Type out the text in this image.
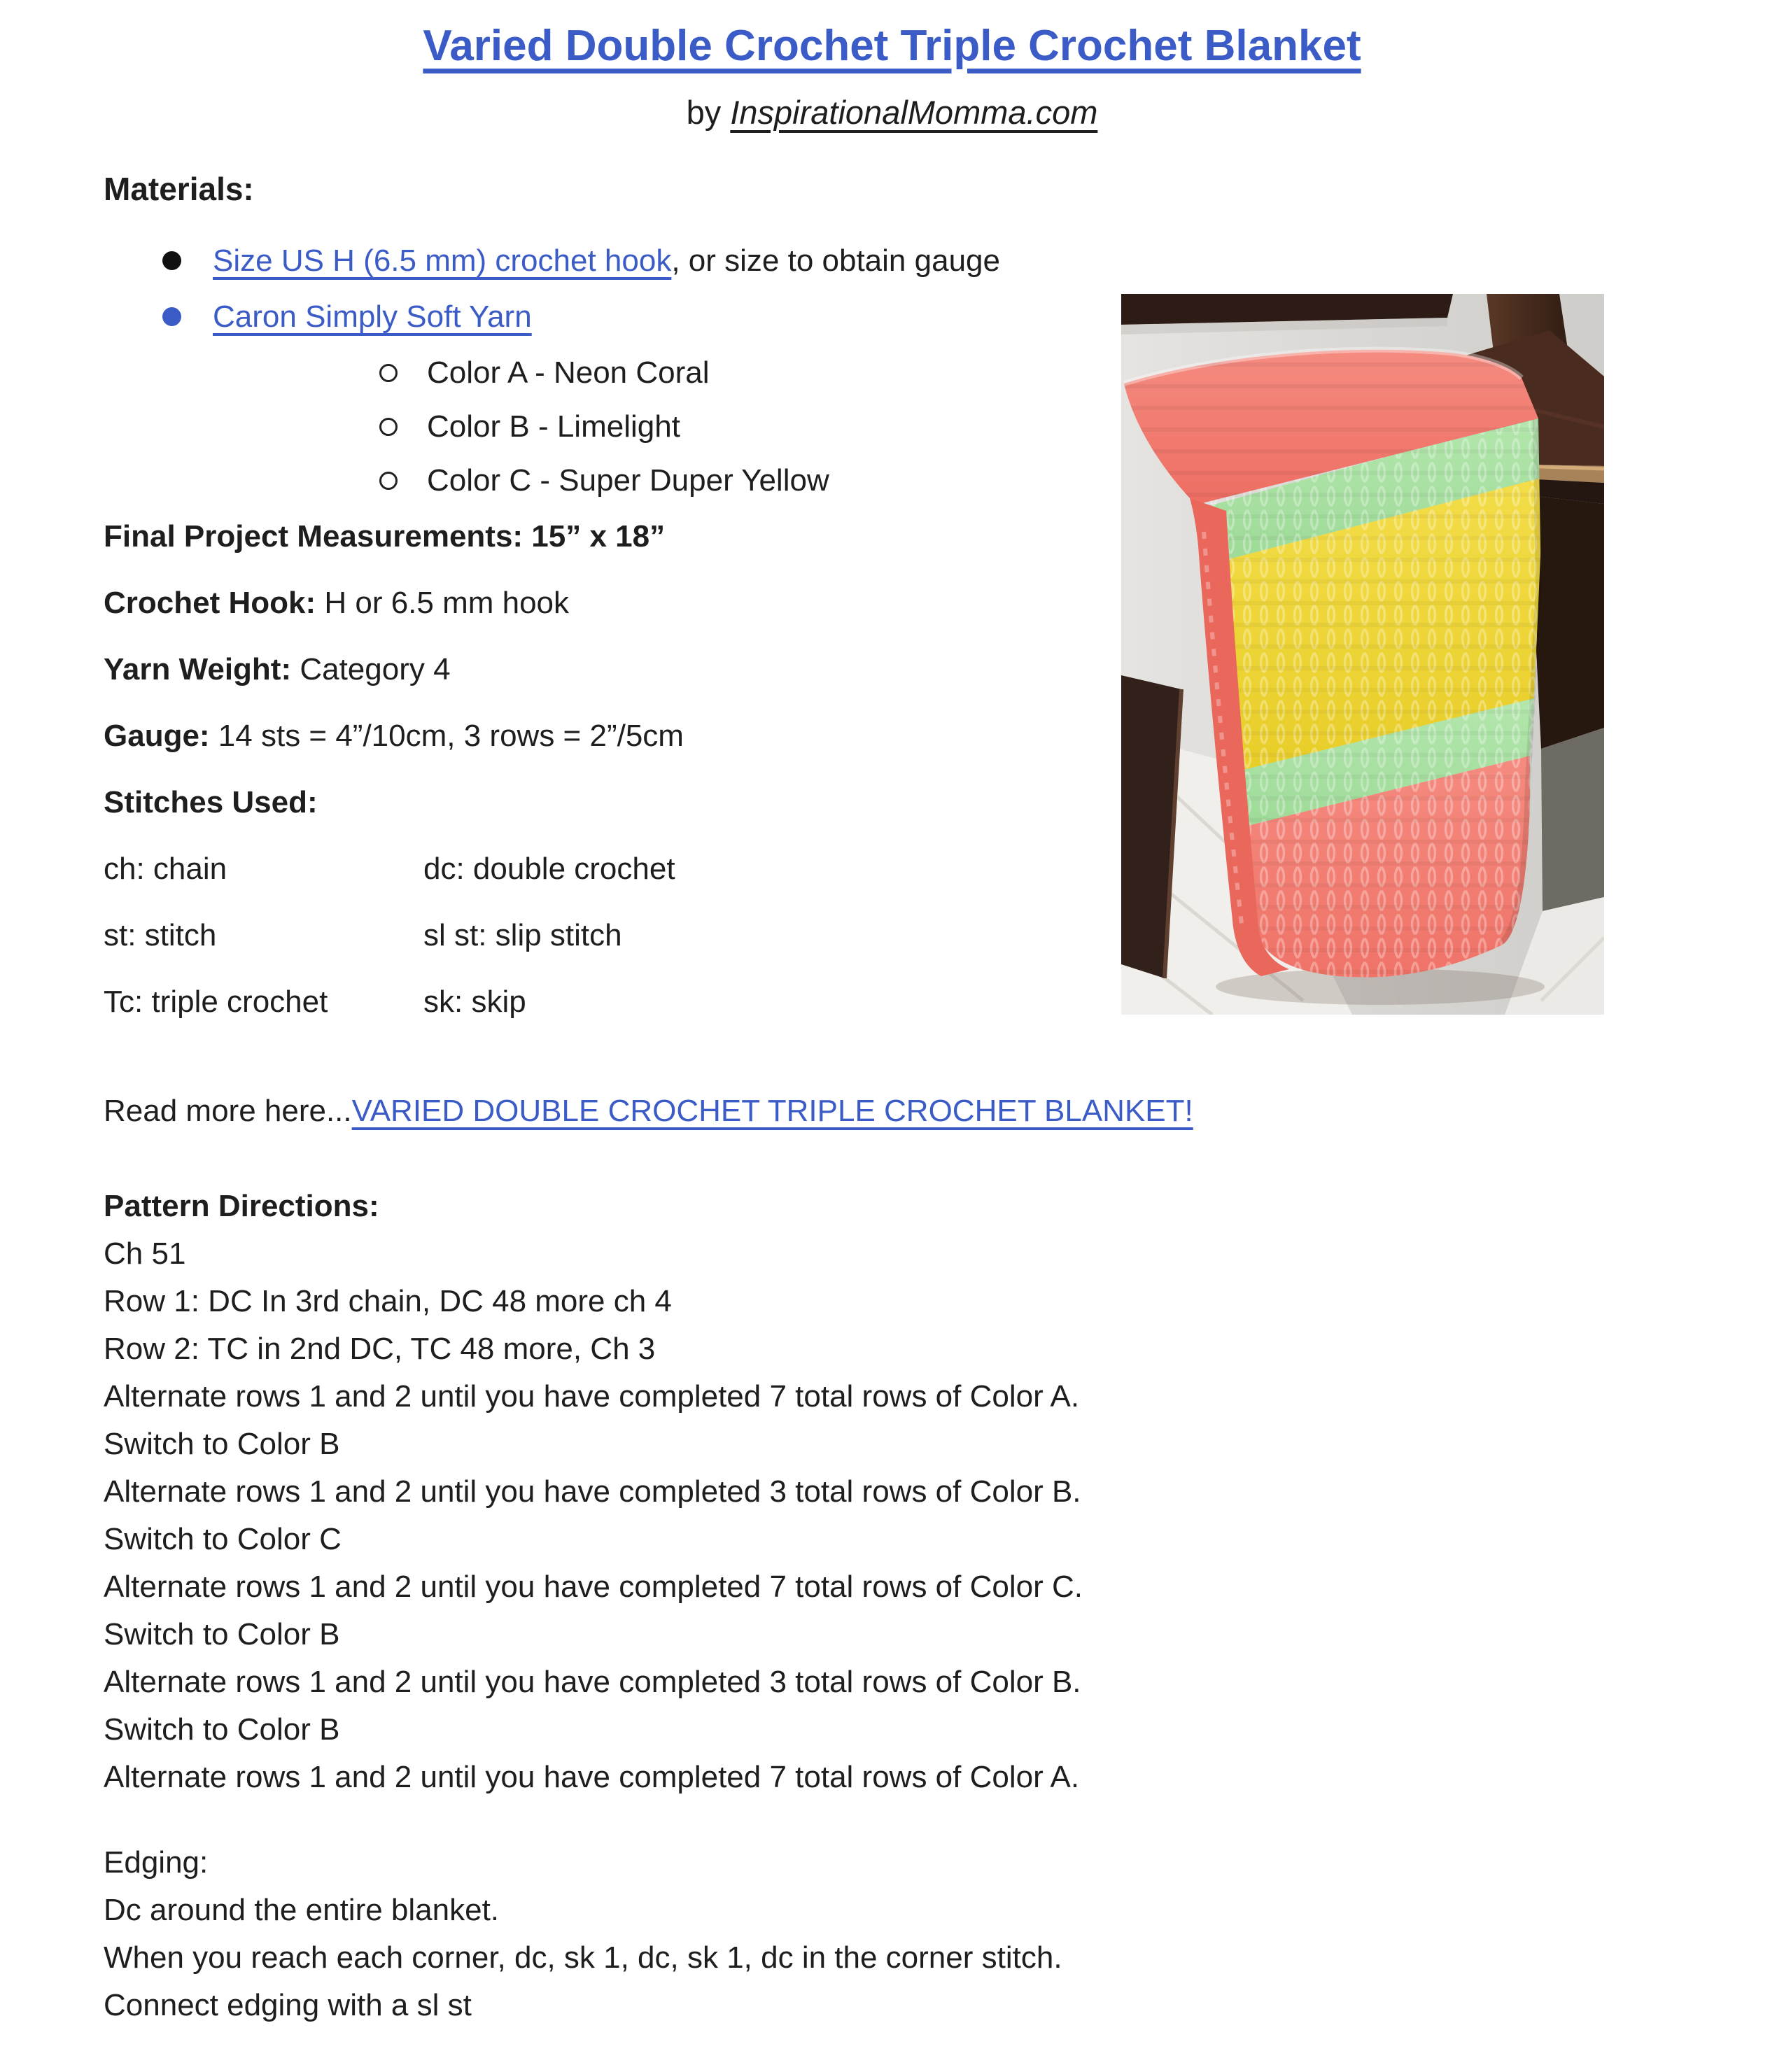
Varied Double Crochet Triple Crochet Blanket
by InspirationalMomma.com

Materials:

Size US H (6.5 mm) crochet hook, or size to obtain gauge
Caron Simply Soft Yarn
Color A - Neon Coral
Color B - Limelight
Color C - Super Duper Yellow

Final Project Measurements: 15” x 18”

Crochet Hook: H or 6.5 mm hook

Yarn Weight: Category 4

Gauge: 14 sts = 4”/10cm, 3 rows = 2”/5cm

Stitches Used:

ch: chain	dc: double crochet
st: stitch	sl st: slip stitch
Tc: triple crochet	sk: skip

Read more here...VARIED DOUBLE CROCHET TRIPLE CROCHET BLANKET!

Pattern Directions:

Ch 51

Row 1: DC In 3rd chain, DC 48 more ch 4

Row 2: TC in 2nd DC, TC 48 more, Ch 3

Alternate rows 1 and 2 until you have completed 7 total rows of Color A.

Switch to Color B

Alternate rows 1 and 2 until you have completed 3 total rows of Color B.

Switch to Color C

Alternate rows 1 and 2 until you have completed 7 total rows of Color C.

Switch to Color B

Alternate rows 1 and 2 until you have completed 3 total rows of Color B.

Switch to Color B

Alternate rows 1 and 2 until you have completed 7 total rows of Color A.

Edging:

Dc around the entire blanket.

When you reach each corner, dc, sk 1, dc, sk 1, dc in the corner stitch.

Connect edging with a sl st
